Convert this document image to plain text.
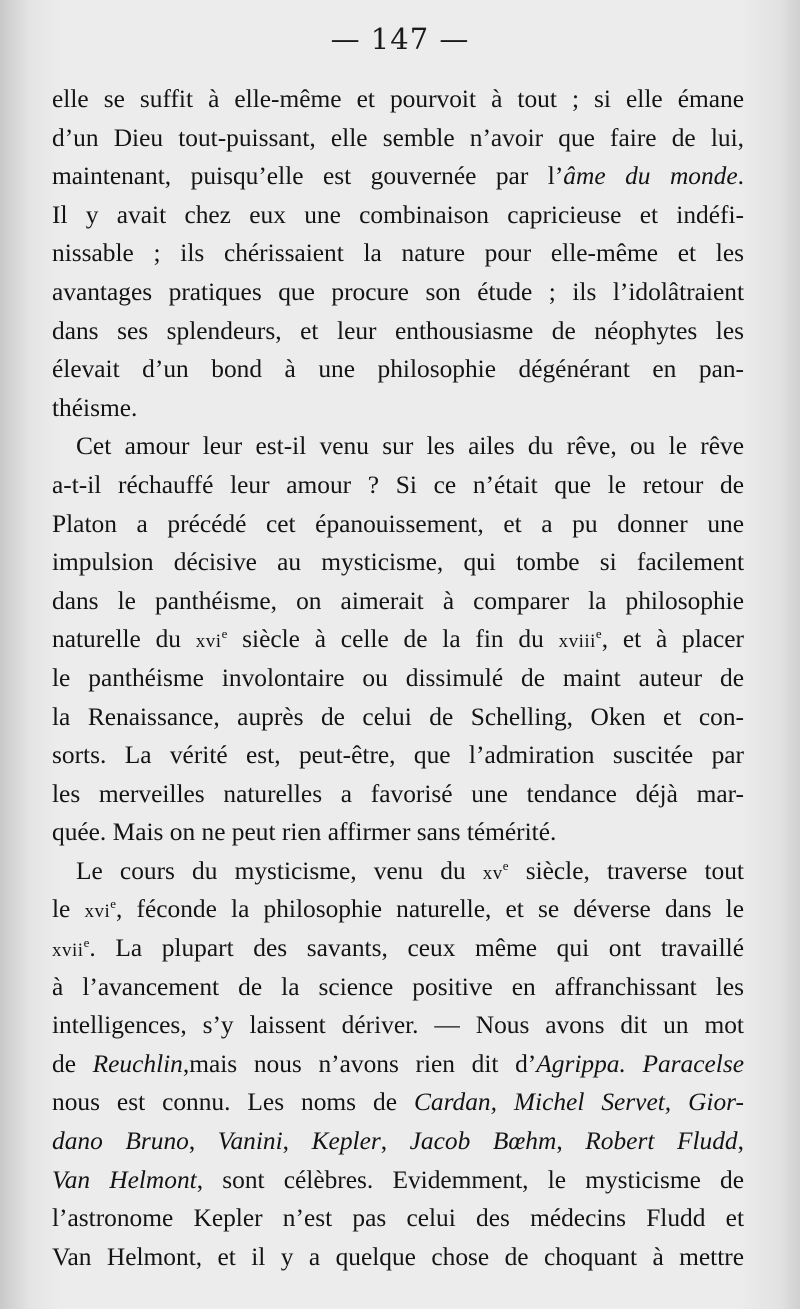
— 147 —
elle se suffit à elle-même et pourvoit à tout ; si elle émane
d’un Dieu tout-puissant, elle semble n’avoir que faire de lui,
maintenant, puisqu’elle est gouvernée par l’âme du monde.
Il y avait chez eux une combinaison capricieuse et indéfi-
nissable ; ils chérissaient la nature pour elle-même et les
avantages pratiques que procure son étude ; ils l’idolâtraient
dans ses splendeurs, et leur enthousiasme de néophytes les
élevait d’un bond à une philosophie dégénérant en pan-
théisme.
Cet amour leur est-il venu sur les ailes du rêve, ou le rêve
a-t-il réchauffé leur amour ? Si ce n’était que le retour de
Platon a précédé cet épanouissement, et a pu donner une
impulsion décisive au mysticisme, qui tombe si facilement
dans le panthéisme, on aimerait à comparer la philosophie
naturelle du xvi$^e$ siècle à celle de la fin du xviii$^e$, et à placer
le panthéisme involontaire ou dissimulé de maint auteur de
la Renaissance, auprès de celui de Schelling, Oken et con-
sorts. La vérité est, peut-être, que l’admiration suscitée par
les merveilles naturelles a favorisé une tendance déjà mar-
quée. Mais on ne peut rien affirmer sans témérité.
Le cours du mysticisme, venu du $xv^e$ siècle, traverse tout
le xvi$^e$, féconde la philosophie naturelle, et se déverse dans le
xvii$^e$. La plupart des savants, ceux même qui ont travaillé
à l’avancement de la science positive en affranchissant les
intelligences, s’y laissent dériver. — Nous avons dit un mot
de Reuchlin,mais nous n’avons rien dit d’Agrippa. Paracelse
nous est connu. Les noms de Cardan, Michel Servet, Gior-
dano Bruno, Vanini, Kepler, Jacob Bœhm, Robert Fludd,
Van Helmont, sont célèbres. Evidemment, le mysticisme de
l’astronome Kepler n’est pas celui des médecins Fludd et
Van Helmont, et il y a quelque chose de choquant à mettre
